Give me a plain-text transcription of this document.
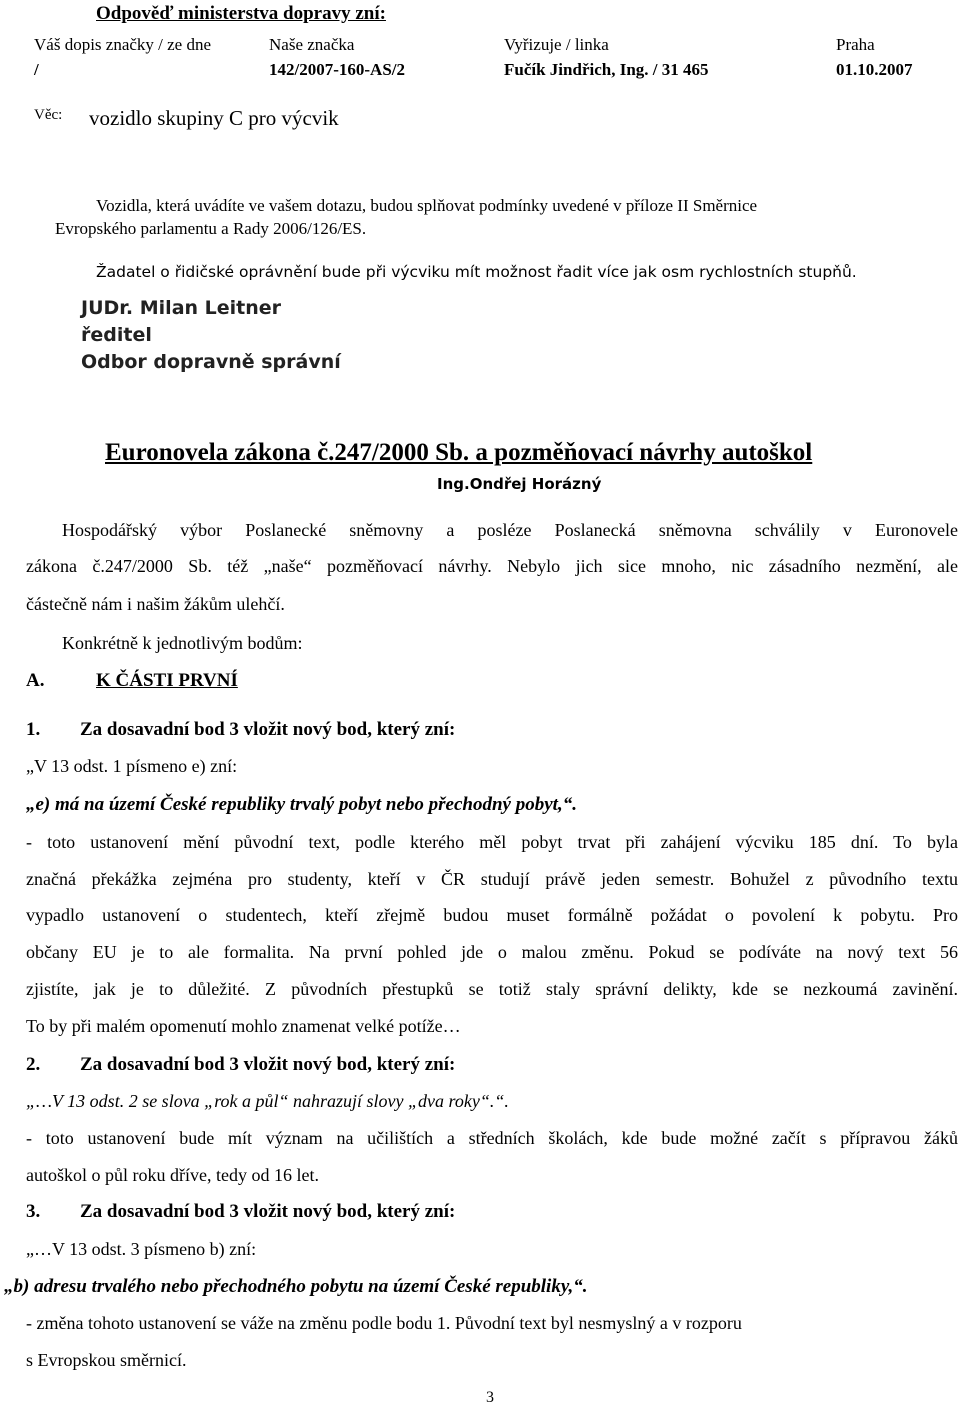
Odpověď ministerstva dopravy zní:
Váš dopis značky / ze dne	Naše značka	Vyřizuje / linka	Praha
/	142/2007-160-AS/2	Fučík Jindřich, Ing. / 31 465	01.10.2007
Věc: vozidlo skupiny C pro výcvik
Vozidla, která uvádíte ve vašem dotazu, budou splňovat podmínky uvedené v příloze II Směrnice
Evropského parlamentu a Rady 2006/126/ES.
Žadatel o řidičské oprávnění bude při výcviku mít možnost řadit více jak osm rychlostních stupňů.
JUDr. Milan Leitner
ředitel
Odbor dopravně správní
Euronovela zákona č.247/2000 Sb. a pozměňovací návrhy autoškol
Ing.Ondřej Horázný
Hospodářský výbor Poslanecké sněmovny a posléze Poslanecká sněmovna schválily v Euronovele
zákona č.247/2000 Sb. též „naše“ pozměňovací návrhy. Nebylo jich sice mnoho, nic zásadního nezmění, ale
částečně nám i našim žákům ulehčí.
Konkrétně k jednotlivým bodům:
A.	K ČÁSTI PRVNÍ
1. Za dosavadní bod 3 vložit nový bod, který zní:
„V 13 odst. 1 písmeno e) zní:
„e) má na území České republiky trvalý pobyt nebo přechodný pobyt,“.
- toto ustanovení mění původní text, podle kterého měl pobyt trvat při zahájení výcviku 185 dní. To byla
značná překážka zejména pro studenty, kteří v ČR studují právě jeden semestr. Bohužel z původního textu
vypadlo ustanovení o studentech, kteří zřejmě budou muset formálně požádat o povolení k pobytu. Pro
občany EU je to ale formalita. Na první pohled jde o malou změnu. Pokud se podíváte na nový text 56
zjistíte, jak je to důležité. Z původních přestupků se totiž staly správní delikty, kde se nezkoumá zavinění.
To by při malém opomenutí mohlo znamenat velké potíže…
2. Za dosavadní bod 3 vložit nový bod, který zní:
„…V 13 odst. 2 se slova „rok a půl“ nahrazují slovy „dva roky“.“.
- toto ustanovení bude mít význam na učilištích a středních školách, kde bude možné začít s přípravou žáků
autoškol o půl roku dříve, tedy od 16 let.
3. Za dosavadní bod 3 vložit nový bod, který zní:
„…V 13 odst. 3 písmeno b) zní:
„b) adresu trvalého nebo přechodného pobytu na území České republiky,“.
- změna tohoto ustanovení se váže na změnu podle bodu 1. Původní text byl nesmyslný a v rozporu
s Evropskou směrnicí.
3
